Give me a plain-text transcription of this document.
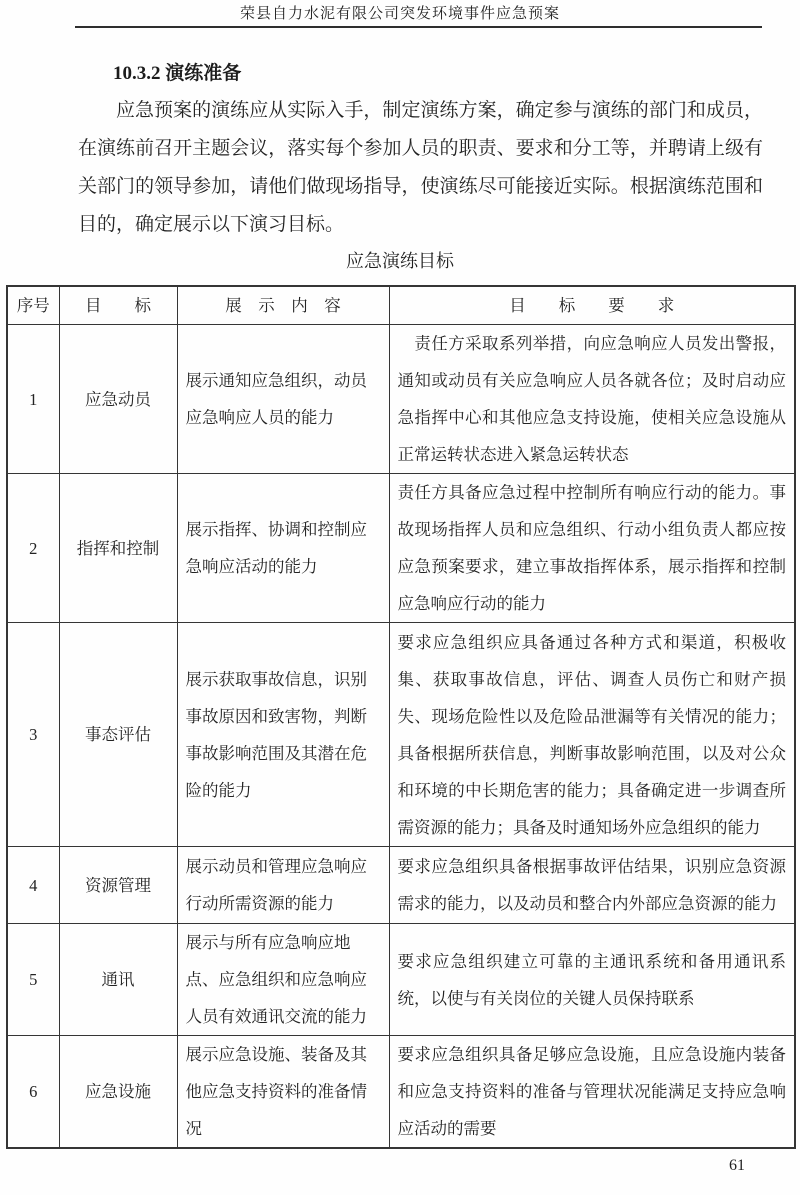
荣县自力水泥有限公司突发环境事件应急预案
10.3.2 演练准备

应急预案的演练应从实际入手，制定演练方案，确定参与演练的部门和成员，在演练前召开主题会议，落实每个参加人员的职责、要求和分工等，并聘请上级有关部门的领导参加，请他们做现场指导，使演练尽可能接近实际。根据演练范围和目的，确定展示以下演习目标。

应急演练目标
序号	目　　标	展　示　内　容	目　　标　　要　　求
1	应急动员	展示通知应急组织，动员应急响应人员的能力	　责任方采取系列举措，向应急响应人员发出警报，通知或动员有关应急响应人员各就各位；及时启动应急指挥中心和其他应急支持设施，使相关应急设施从正常运转状态进入紧急运转状态
2	指挥和控制	展示指挥、协调和控制应急响应活动的能力	责任方具备应急过程中控制所有响应行动的能力。事故现场指挥人员和应急组织、行动小组负责人都应按应急预案要求，建立事故指挥体系，展示指挥和控制应急响应行动的能力
3	事态评估	展示获取事故信息，识别事故原因和致害物，判断事故影响范围及其潜在危险的能力	要求应急组织应具备通过各种方式和渠道，积极收集、获取事故信息，评估、调查人员伤亡和财产损失、现场危险性以及危险品泄漏等有关情况的能力；具备根据所获信息，判断事故影响范围，以及对公众和环境的中长期危害的能力；具备确定进一步调查所需资源的能力；具备及时通知场外应急组织的能力
4	资源管理	展示动员和管理应急响应行动所需资源的能力	要求应急组织具备根据事故评估结果，识别应急资源需求的能力，以及动员和整合内外部应急资源的能力
5	通讯	展示与所有应急响应地点、应急组织和应急响应人员有效通讯交流的能力	要求应急组织建立可靠的主通讯系统和备用通讯系统，以使与有关岗位的关键人员保持联系
6	应急设施	展示应急设施、装备及其他应急支持资料的准备情况	要求应急组织具备足够应急设施，且应急设施内装备和应急支持资料的准备与管理状况能满足支持应急响应活动的需要
61
